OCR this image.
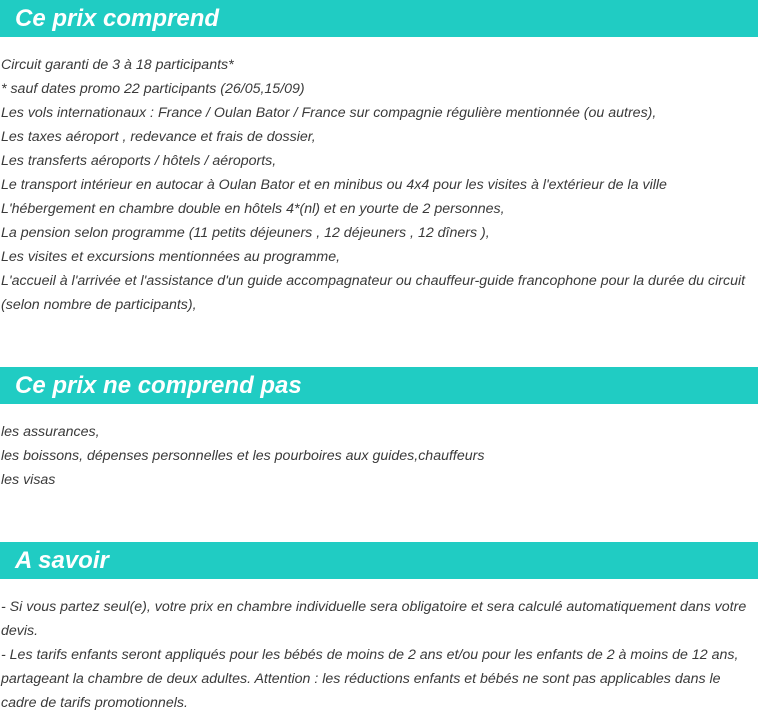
Ce prix comprend
Circuit garanti de 3 à 18 participants*
* sauf dates promo 22 participants (26/05,15/09)
Les vols internationaux : France / Oulan Bator / France sur compagnie régulière mentionnée (ou autres),
Les taxes aéroport , redevance et frais de dossier,
Les transferts aéroports / hôtels / aéroports,
Le transport intérieur en autocar à Oulan Bator et en minibus ou 4x4 pour les visites à l'extérieur de la ville
L'hébergement en chambre double en hôtels 4*(nl) et en yourte de 2 personnes,
La pension selon programme (11 petits déjeuners , 12 déjeuners , 12 dîners ),
Les visites et excursions mentionnées au programme,
L'accueil à l'arrivée et l'assistance d'un guide accompagnateur ou chauffeur-guide francophone pour la durée du circuit (selon nombre de participants),
Ce prix ne comprend pas
les assurances,
les boissons, dépenses personnelles et les pourboires aux guides,chauffeurs
les visas
A savoir
- Si vous partez seul(e), votre prix en chambre individuelle sera obligatoire et sera calculé automatiquement dans votre devis.
- Les tarifs enfants seront appliqués pour les bébés de moins de 2 ans et/ou pour les enfants de 2 à moins de 12 ans, partageant la chambre de deux adultes. Attention : les réductions enfants et bébés ne sont pas applicables dans le cadre de tarifs promotionnels.
